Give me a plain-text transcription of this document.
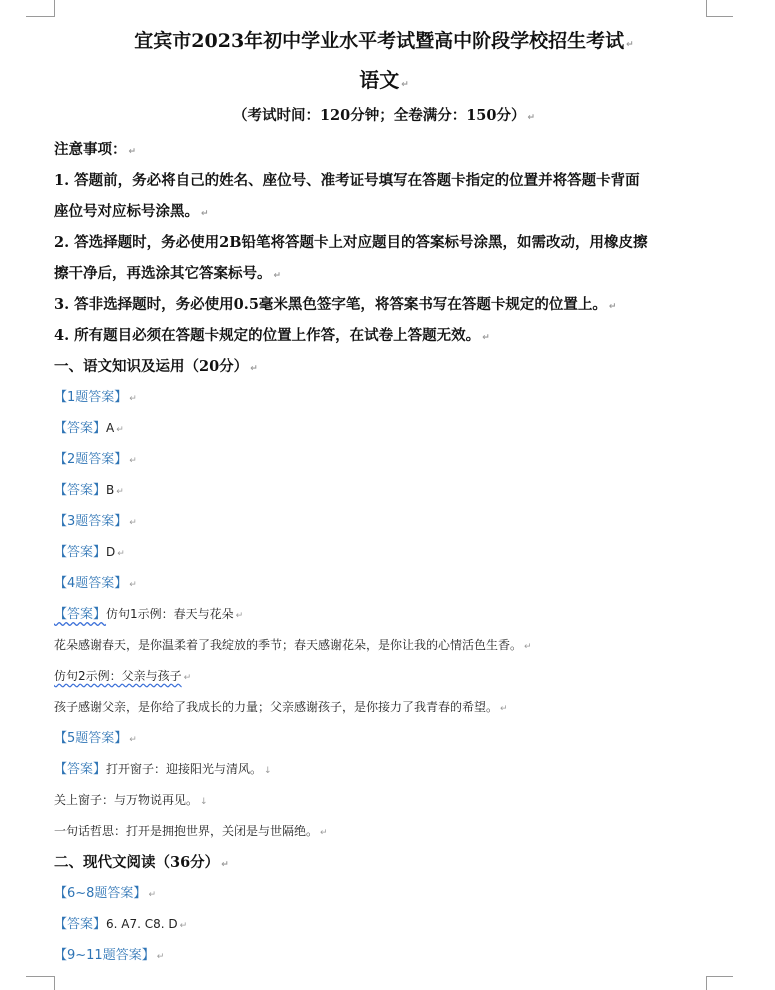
宜宾市2023年初中学业水平考试暨高中阶段学校招生考试 ↵
语文 ↵
（考试时间：120分钟；全卷满分：150分） ↵
注意事项： ↵
1. 答题前，务必将自己的姓名、座位号、准考证号填写在答题卡指定的位置并将答题卡背面
座位号对应标号涂黑。 ↵
2. 答选择题时，务必使用2B铅笔将答题卡上对应题目的答案标号涂黑，如需改动，用橡皮擦
擦干净后，再选涂其它答案标号。 ↵
3. 答非选择题时，务必使用0.5毫米黑色签字笔，将答案书写在答题卡规定的位置上。 ↵
4. 所有题目必须在答题卡规定的位置上作答，在试卷上答题无效。 ↵
一、语文知识及运用（20分） ↵
【1题答案】 ↵
【答案】A ↵
【2题答案】 ↵
【答案】B ↵
【3题答案】 ↵
【答案】D ↵
【4题答案】 ↵
【答案】仿句1示例：春天与花朵 ↵
花朵感谢春天，是你温柔着了我绽放的季节；春天感谢花朵，是你让我的心情活色生香。 ↵
仿句2示例：父亲与孩子 ↵
孩子感谢父亲，是你给了我成长的力量；父亲感谢孩子，是你接力了我青春的希望。 ↵
【5题答案】 ↵
【答案】打开窗子：迎接阳光与清风。 ↓
关上窗子：与万物说再见。 ↓
一句话哲思：打开是拥抱世界，关闭是与世隔绝。 ↵
二、现代文阅读（36分） ↵
【6~8题答案】 ↵
【答案】6. A7. C8. D ↵
【9~11题答案】 ↵
